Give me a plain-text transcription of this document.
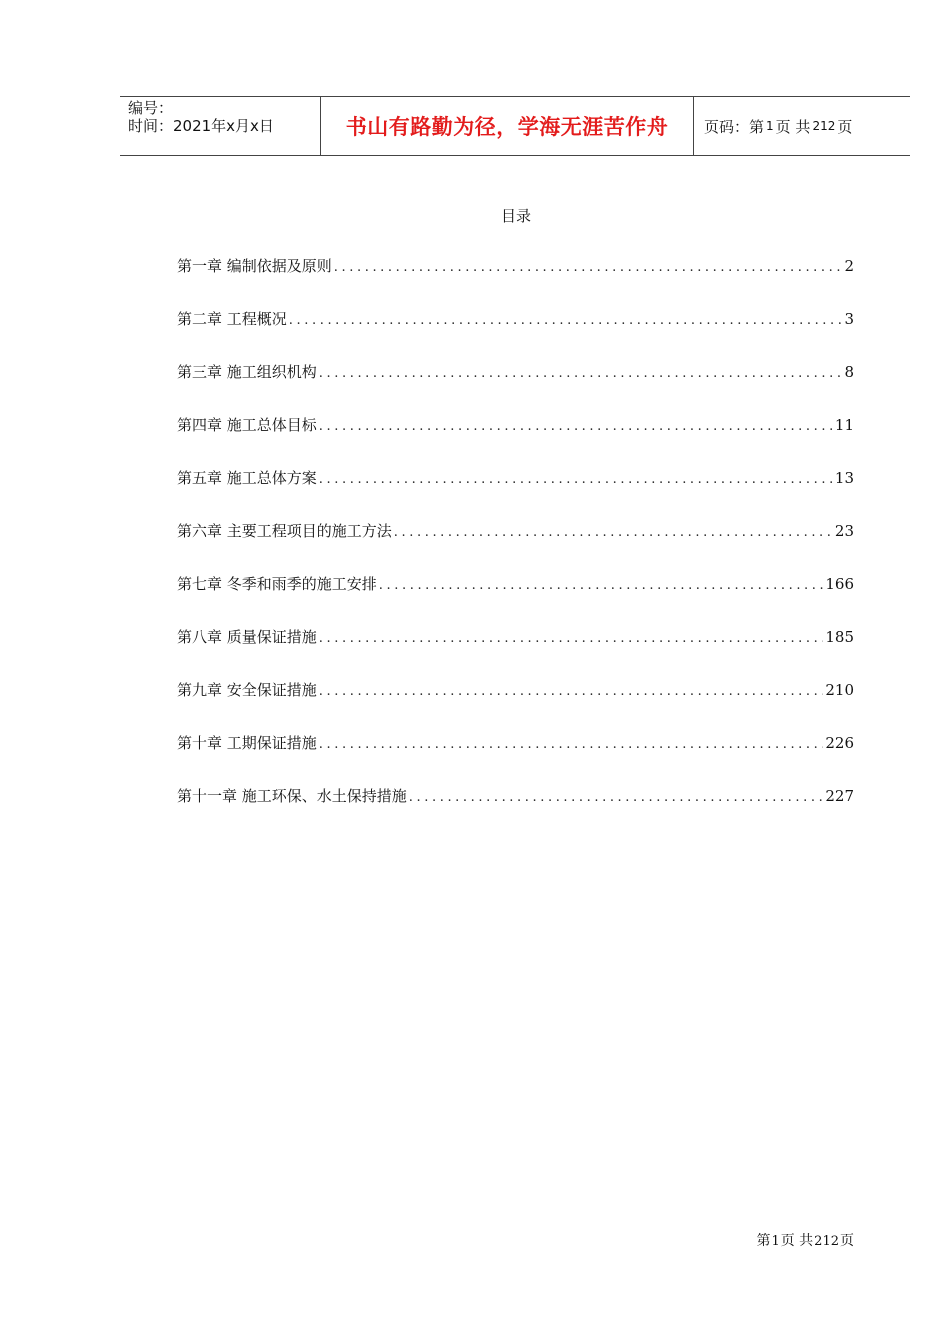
编号：
时间：2021年x月x日	书山有路勤为径，学海无涯苦作舟 页码：第 1 页 共 212 页
目录
第一章 编制依据及原则 .....	2
第二章 工程概况 .....	3
第三章 施工组织机构 .....	8
第四章 施工总体目标 .....	11
第五章 施工总体方案 .....	13
第六章 主要工程项目的施工方法 .....	23
第七章 冬季和雨季的施工安排 .....	166
第八章 质量保证措施 .....	185
第九章 安全保证措施 .....	210
第十章 工期保证措施 .....	226
第十一章 施工环保、水土保持措施 .....	227
第1页 共212页
